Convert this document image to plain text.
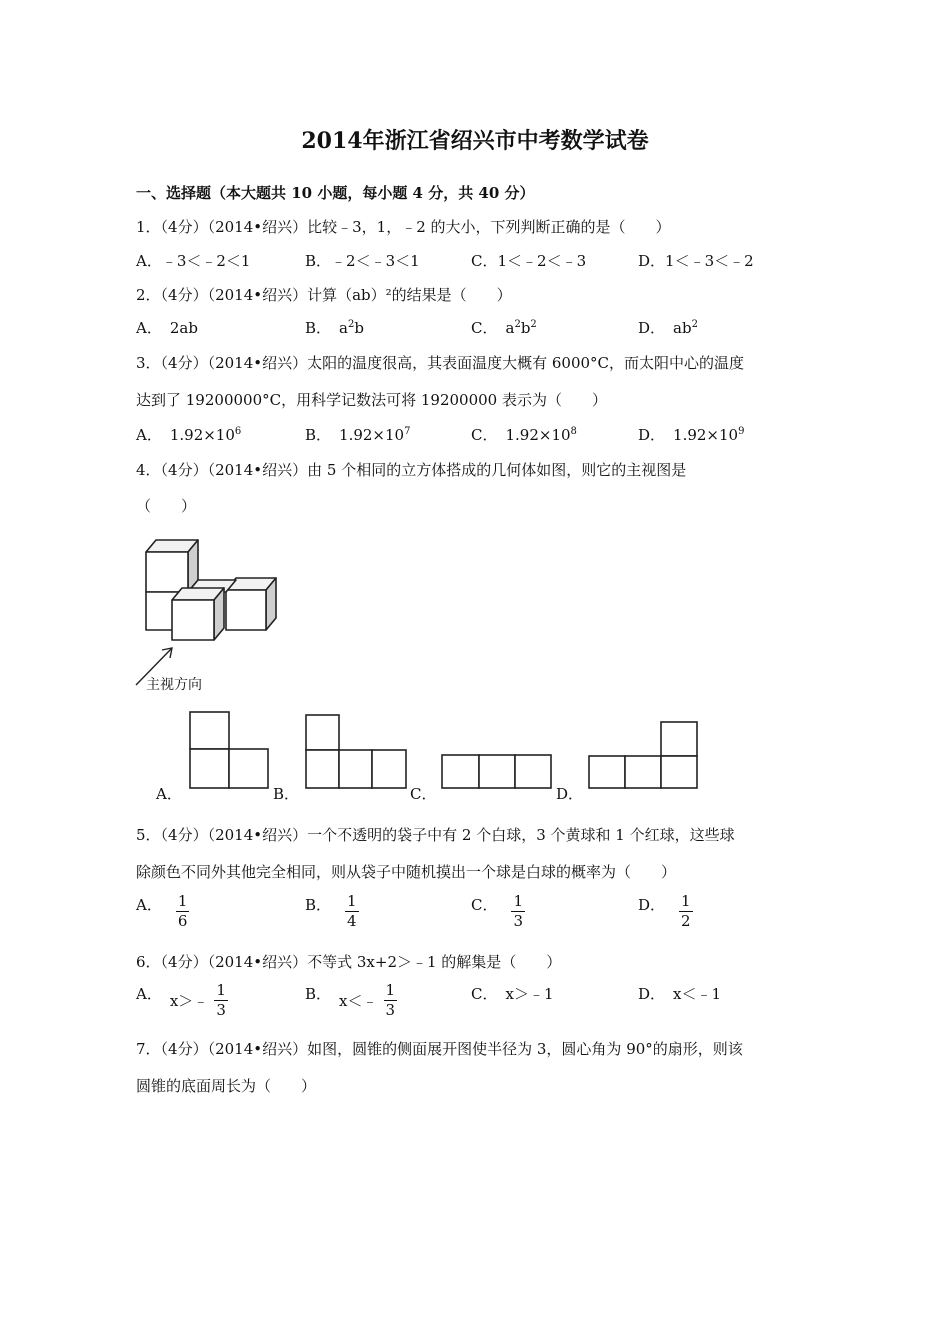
2014年浙江省绍兴市中考数学试卷
一、选择题（本大题共 10 小题，每小题 4 分，共 40 分）
1．（4分）（2014•绍兴）比较﹣3，1，﹣2 的大小，下列判断正确的是（　　）
A．﹣3＜﹣2＜1	B．﹣2＜﹣3＜1	C．1＜﹣2＜﹣3	D．1＜﹣3＜﹣2
2．（4分）（2014•绍兴）计算（ab）²的结果是（　　）
A． 2ab	B． $a^2b$	C． $a^2b^2$	D． $ab^2$
3．（4分）（2014•绍兴）太阳的温度很高，其表面温度大概有 6000°C，而太阳中心的温度
达到了 19200000°C，用科学记数法可将 19200000 表示为（　　）
A． $1.92\times 10^6$	B． $1.92\times 10^7$	C． $1.92\times 10^8$	D． $1.92\times 10^9$
4．（4分）（2014•绍兴）由 5 个相同的立方体搭成的几何体如图，则它的主视图是
（　　）
主视方向
A．	B．	C．	D．
5．（4分）（2014•绍兴）一个不透明的袋子中有 2 个白球，3 个黄球和 1 个红球，这些球
除颜色不同外其他完全相同，则从袋子中随机摸出一个球是白球的概率为（　　）
A． $\frac{1}{6}$	B． $\frac{1}{4}$	C． $\frac{1}{3}$	D． $\frac{1}{2}$
6．（4分）（2014•绍兴）不等式 3x+2＞﹣1 的解集是（　　）
A． x＞﹣ $\frac{1}{3}$	B． x＜﹣ $\frac{1}{3}$	C． x＞﹣1	D． x＜﹣1
7．（4分）（2014•绍兴）如图，圆锥的侧面展开图使半径为 3，圆心角为 90°的扇形，则该
圆锥的底面周长为（　　）
